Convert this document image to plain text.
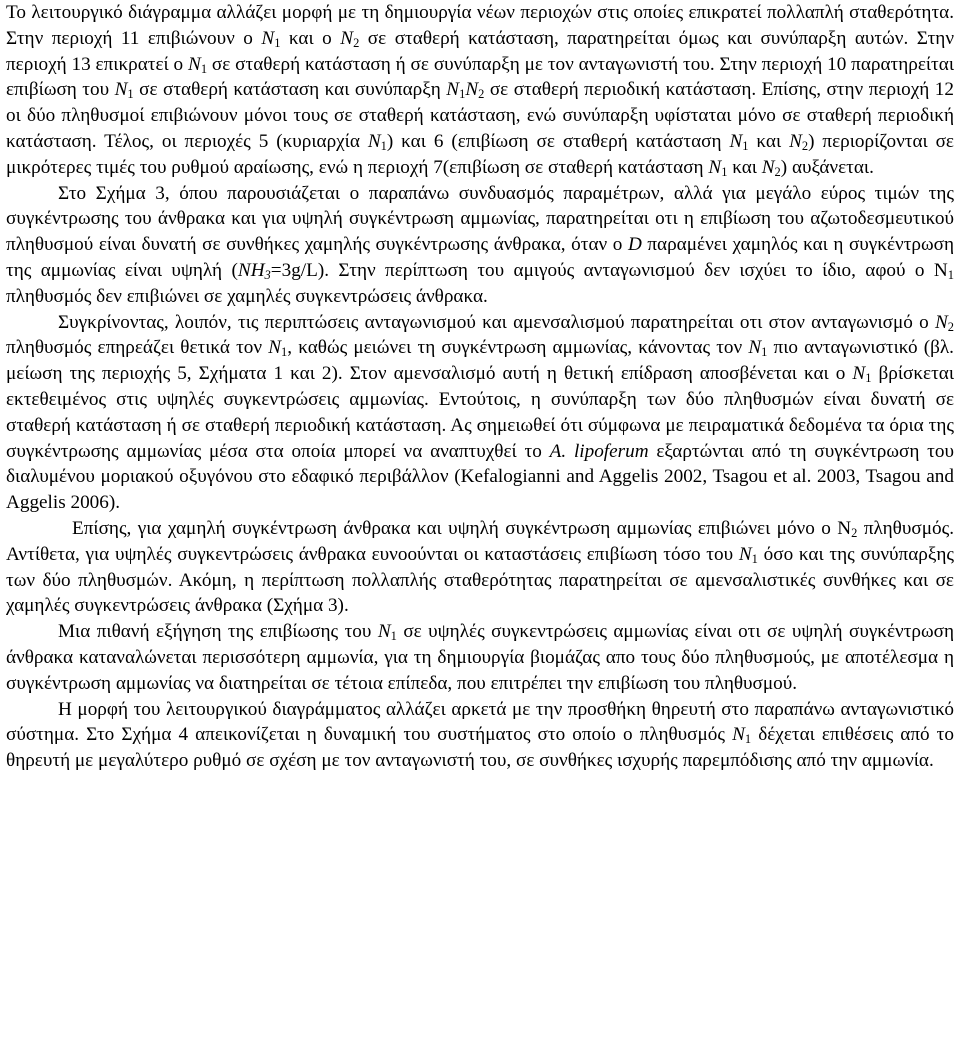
Το λειτουργικό διάγραμμα αλλάζει μορφή με τη δημιουργία νέων περιοχών στις οποίες επικρατεί πολλαπλή σταθερότητα. Στην περιοχή 11 επιβιώνουν ο $N_1$ και ο $N_2$ σε σταθερή κατάσταση, παρατηρείται όμως και συνύπαρξη αυτών. Στην περιοχή 13 επικρατεί ο $N_1$ σε σταθερή κατάσταση ή σε συνύπαρξη με τον ανταγωνιστή του. Στην περιοχή 10 παρατηρείται επιβίωση του $N_1$ σε σταθερή κατάσταση και συνύπαρξη $N_1N_2$ σε σταθερή περιοδική κατάσταση. Επίσης, στην περιοχή 12 οι δύο πληθυσμοί επιβιώνουν μόνοι τους σε σταθερή κατάσταση, ενώ συνύπαρξη υφίσταται μόνο σε σταθερή περιοδική κατάσταση. Τέλος, οι περιοχές 5 (κυριαρχία $N_1$) και 6 (επιβίωση σε σταθερή κατάσταση $N_1$ και $N_2$) περιορίζονται σε μικρότερες τιμές του ρυθμού αραίωσης, ενώ η περιοχή 7(επιβίωση σε σταθερή κατάσταση $N_1$ και $N_2$) αυξάνεται.

Στο Σχήμα 3, όπου παρουσιάζεται ο παραπάνω συνδυασμός παραμέτρων, αλλά για μεγάλο εύρος τιμών της συγκέντρωσης του άνθρακα και για υψηλή συγκέντρωση αμμωνίας, παρατηρείται οτι η επιβίωση του αζωτοδεσμευτικού πληθυσμού είναι δυνατή σε συνθήκες χαμηλής συγκέντρωσης άνθρακα, όταν ο D παραμένει χαμηλός και η συγκέντρωση της αμμωνίας είναι υψηλή $(NH_3=3g/L)$. Στην περίπτωση του αμιγούς ανταγωνισμού δεν ισχύει το ίδιο, αφού ο $N_1$ πληθυσμός δεν επιβιώνει σε χαμηλές συγκεντρώσεις άνθρακα.

Συγκρίνοντας, λοιπόν, τις περιπτώσεις ανταγωνισμού και αμενσαλισμού παρατηρείται οτι στον ανταγωνισμό ο $N_2$ πληθυσμός επηρεάζει θετικά τον $N_1$, καθώς μειώνει τη συγκέντρωση αμμωνίας, κάνοντας τον $N_1$ πιο ανταγωνιστικό (βλ. μείωση της περιοχής 5, Σχήματα 1 και 2). Στον αμενσαλισμό αυτή η θετική επίδραση αποσβένεται και ο $N_1$ βρίσκεται εκτεθειμένος στις υψηλές συγκεντρώσεις αμμωνίας. Εντούτοις, η συνύπαρξη των δύο πληθυσμών είναι δυνατή σε σταθερή κατάσταση ή σε σταθερή περιοδική κατάσταση. Ας σημειωθεί ότι σύμφωνα με πειραματικά δεδομένα τα όρια της συγκέντρωσης αμμωνίας μέσα στα οποία μπορεί να αναπτυχθεί το A. lipoferum εξαρτώνται από τη συγκέντρωση του διαλυμένου μοριακού οξυγόνου στο εδαφικό περιβάλλον (Kefalogianni and Aggelis 2002, Tsagou et al. 2003, Tsagou and Aggelis 2006).

Επίσης, για χαμηλή συγκέντρωση άνθρακα και υψηλή συγκέντρωση αμμωνίας επιβιώνει μόνο ο $N_2$ πληθυσμός. Αντίθετα, για υψηλές συγκεντρώσεις άνθρακα ευνοούνται οι καταστάσεις επιβίωση τόσο του $N_1$ όσο και της συνύπαρξης των δύο πληθυσμών. Ακόμη, η περίπτωση πολλαπλής σταθερότητας παρατηρείται σε αμενσαλιστικές συνθήκες και σε χαμηλές συγκεντρώσεις άνθρακα (Σχήμα 3).

Μια πιθανή εξήγηση της επιβίωσης του $N_1$ σε υψηλές συγκεντρώσεις αμμωνίας είναι οτι σε υψηλή συγκέντρωση άνθρακα καταναλώνεται περισσότερη αμμωνία, για τη δημιουργία βιομάζας απο τους δύο πληθυσμούς, με αποτέλεσμα η συγκέντρωση αμμωνίας να διατηρείται σε τέτοια επίπεδα, που επιτρέπει την επιβίωση του πληθυσμού.

Η μορφή του λειτουργικού διαγράμματος αλλάζει αρκετά με την προσθήκη θηρευτή στο παραπάνω ανταγωνιστικό σύστημα. Στο Σχήμα 4 απεικονίζεται η δυναμική του συστήματος στο οποίο ο πληθυσμός $N_1$ δέχεται επιθέσεις από το θηρευτή με μεγαλύτερο ρυθμό σε σχέση με τον ανταγωνιστή του, σε συνθήκες ισχυρής παρεμπόδισης από την αμμωνία.
